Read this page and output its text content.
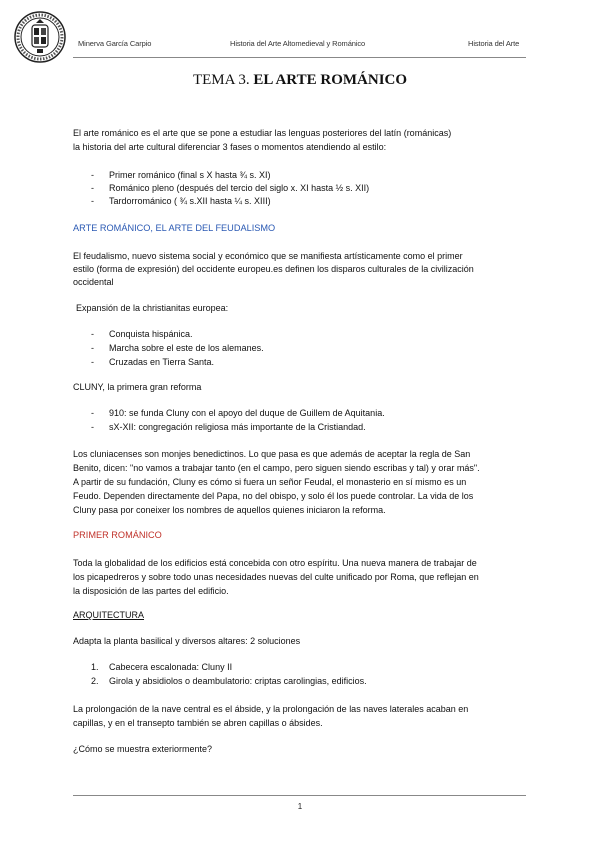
Minerva García Carpio	Historia del Arte Altomedieval y Románico	Historia del Arte
TEMA 3. EL ARTE ROMÁNICO
El arte románico es el arte que se pone a estudiar las lenguas posteriores del latín (románicas)
la historia del arte cultural diferenciar 3 fases o momentos atendiendo al estilo:
- Primer románico (final s X hasta ¾ s. XI)
- Románico pleno (después del tercio del siglo x. XI hasta ½ s. XII)
- Tardorrománico ( ¾ s.XII hasta ¼ s. XIII)
ARTE ROMÁNICO, EL ARTE DEL FEUDALISMO
El feudalismo, nuevo sistema social y económico que se manifiesta artísticamente como el primer
estilo (forma de expresión) del occidente europeu.es definen los disparos culturales de la civilización
occidental
Expansión de la christianitas europea:
- Conquista hispánica.
- Marcha sobre el este de los alemanes.
- Cruzadas en Tierra Santa.
CLUNY, la primera gran reforma
- 910: se funda Cluny con el apoyo del duque de Guillem de Aquitania.
- sX-XII: congregación religiosa más importante de la Cristiandad.
Los cluniacenses son monjes benedictinos. Lo que pasa es que además de aceptar la regla de San
Benito, dicen: "no vamos a trabajar tanto (en el campo, pero siguen siendo escribas y tal) y orar más".
A partir de su fundación, Cluny es cómo si fuera un señor Feudal, el monasterio en sí mismo es un
Feudo. Dependen directamente del Papa, no del obispo, y solo él los puede controlar. La vida de los
Cluny pasa por coneixer los nombres de aquellos quienes iniciaron la reforma.
PRIMER ROMÁNICO
Toda la globalidad de los edificios está concebida con otro espíritu. Una nueva manera de trabajar de
los picapedreros y sobre todo unas necesidades nuevas del culte unificado por Roma, que reflejan en
la disposición de las partes del edificio.
ARQUITECTURA
Adapta la planta basilical y diversos altares: 2 soluciones
1. Cabecera escalonada: Cluny II
2. Girola y absidiolos o deambulatorio: criptas carolingias, edificios.
La prolongación de la nave central es el ábside, y la prolongación de las naves laterales acaban en
capillas, y en el transepto también se abren capillas o ábsides.
¿Cómo se muestra exteriormente?
1
